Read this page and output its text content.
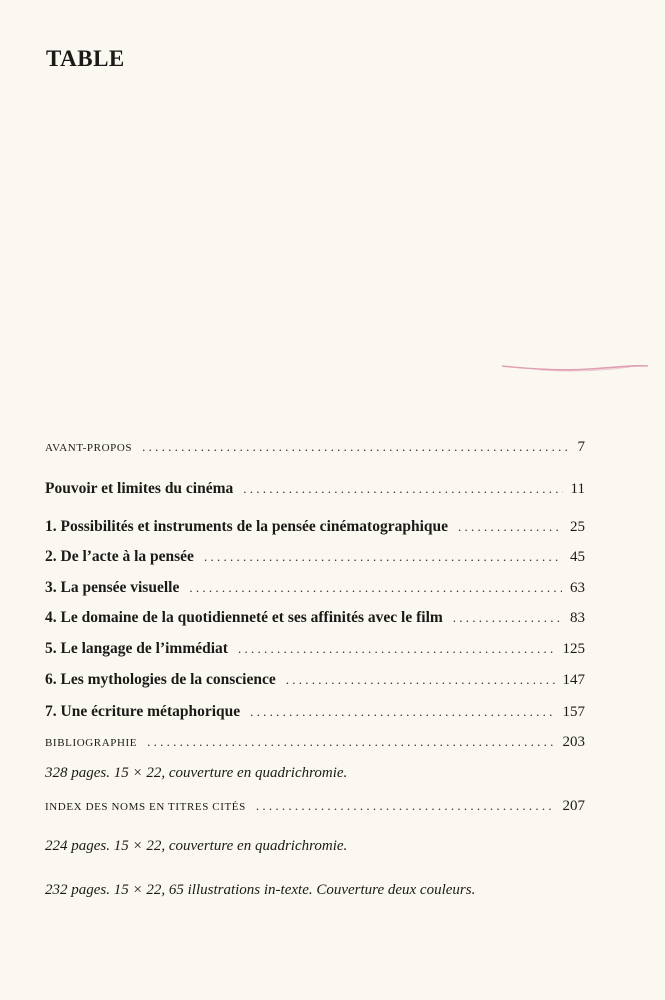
TABLE
AVANT-PROPOS . . .	7
Pouvoir et limites du cinéma . . .	11
1. Possibilités et instruments de la pensée cinématographique . . .	25
2. De l’acte à la pensée . . .	45
3. La pensée visuelle . . .	63
4. Le domaine de la quotidienneté et ses affinités avec le film . . .	83
5. Le langage de l’immédiat . . .	125
6. Les mythologies de la conscience . . .	147
7. Une écriture métaphorique . . .	157
BIBLIOGRAPHIE . . .	203
INDEX DES NOMS EN TITRES CITÉS . . .	207
328 pages. 15 × 22, couverture en quadrichromie.
224 pages. 15 × 22, couverture en quadrichromie.
232 pages. 15 × 22, 65 illustrations in-texte. Couverture deux couleurs.
